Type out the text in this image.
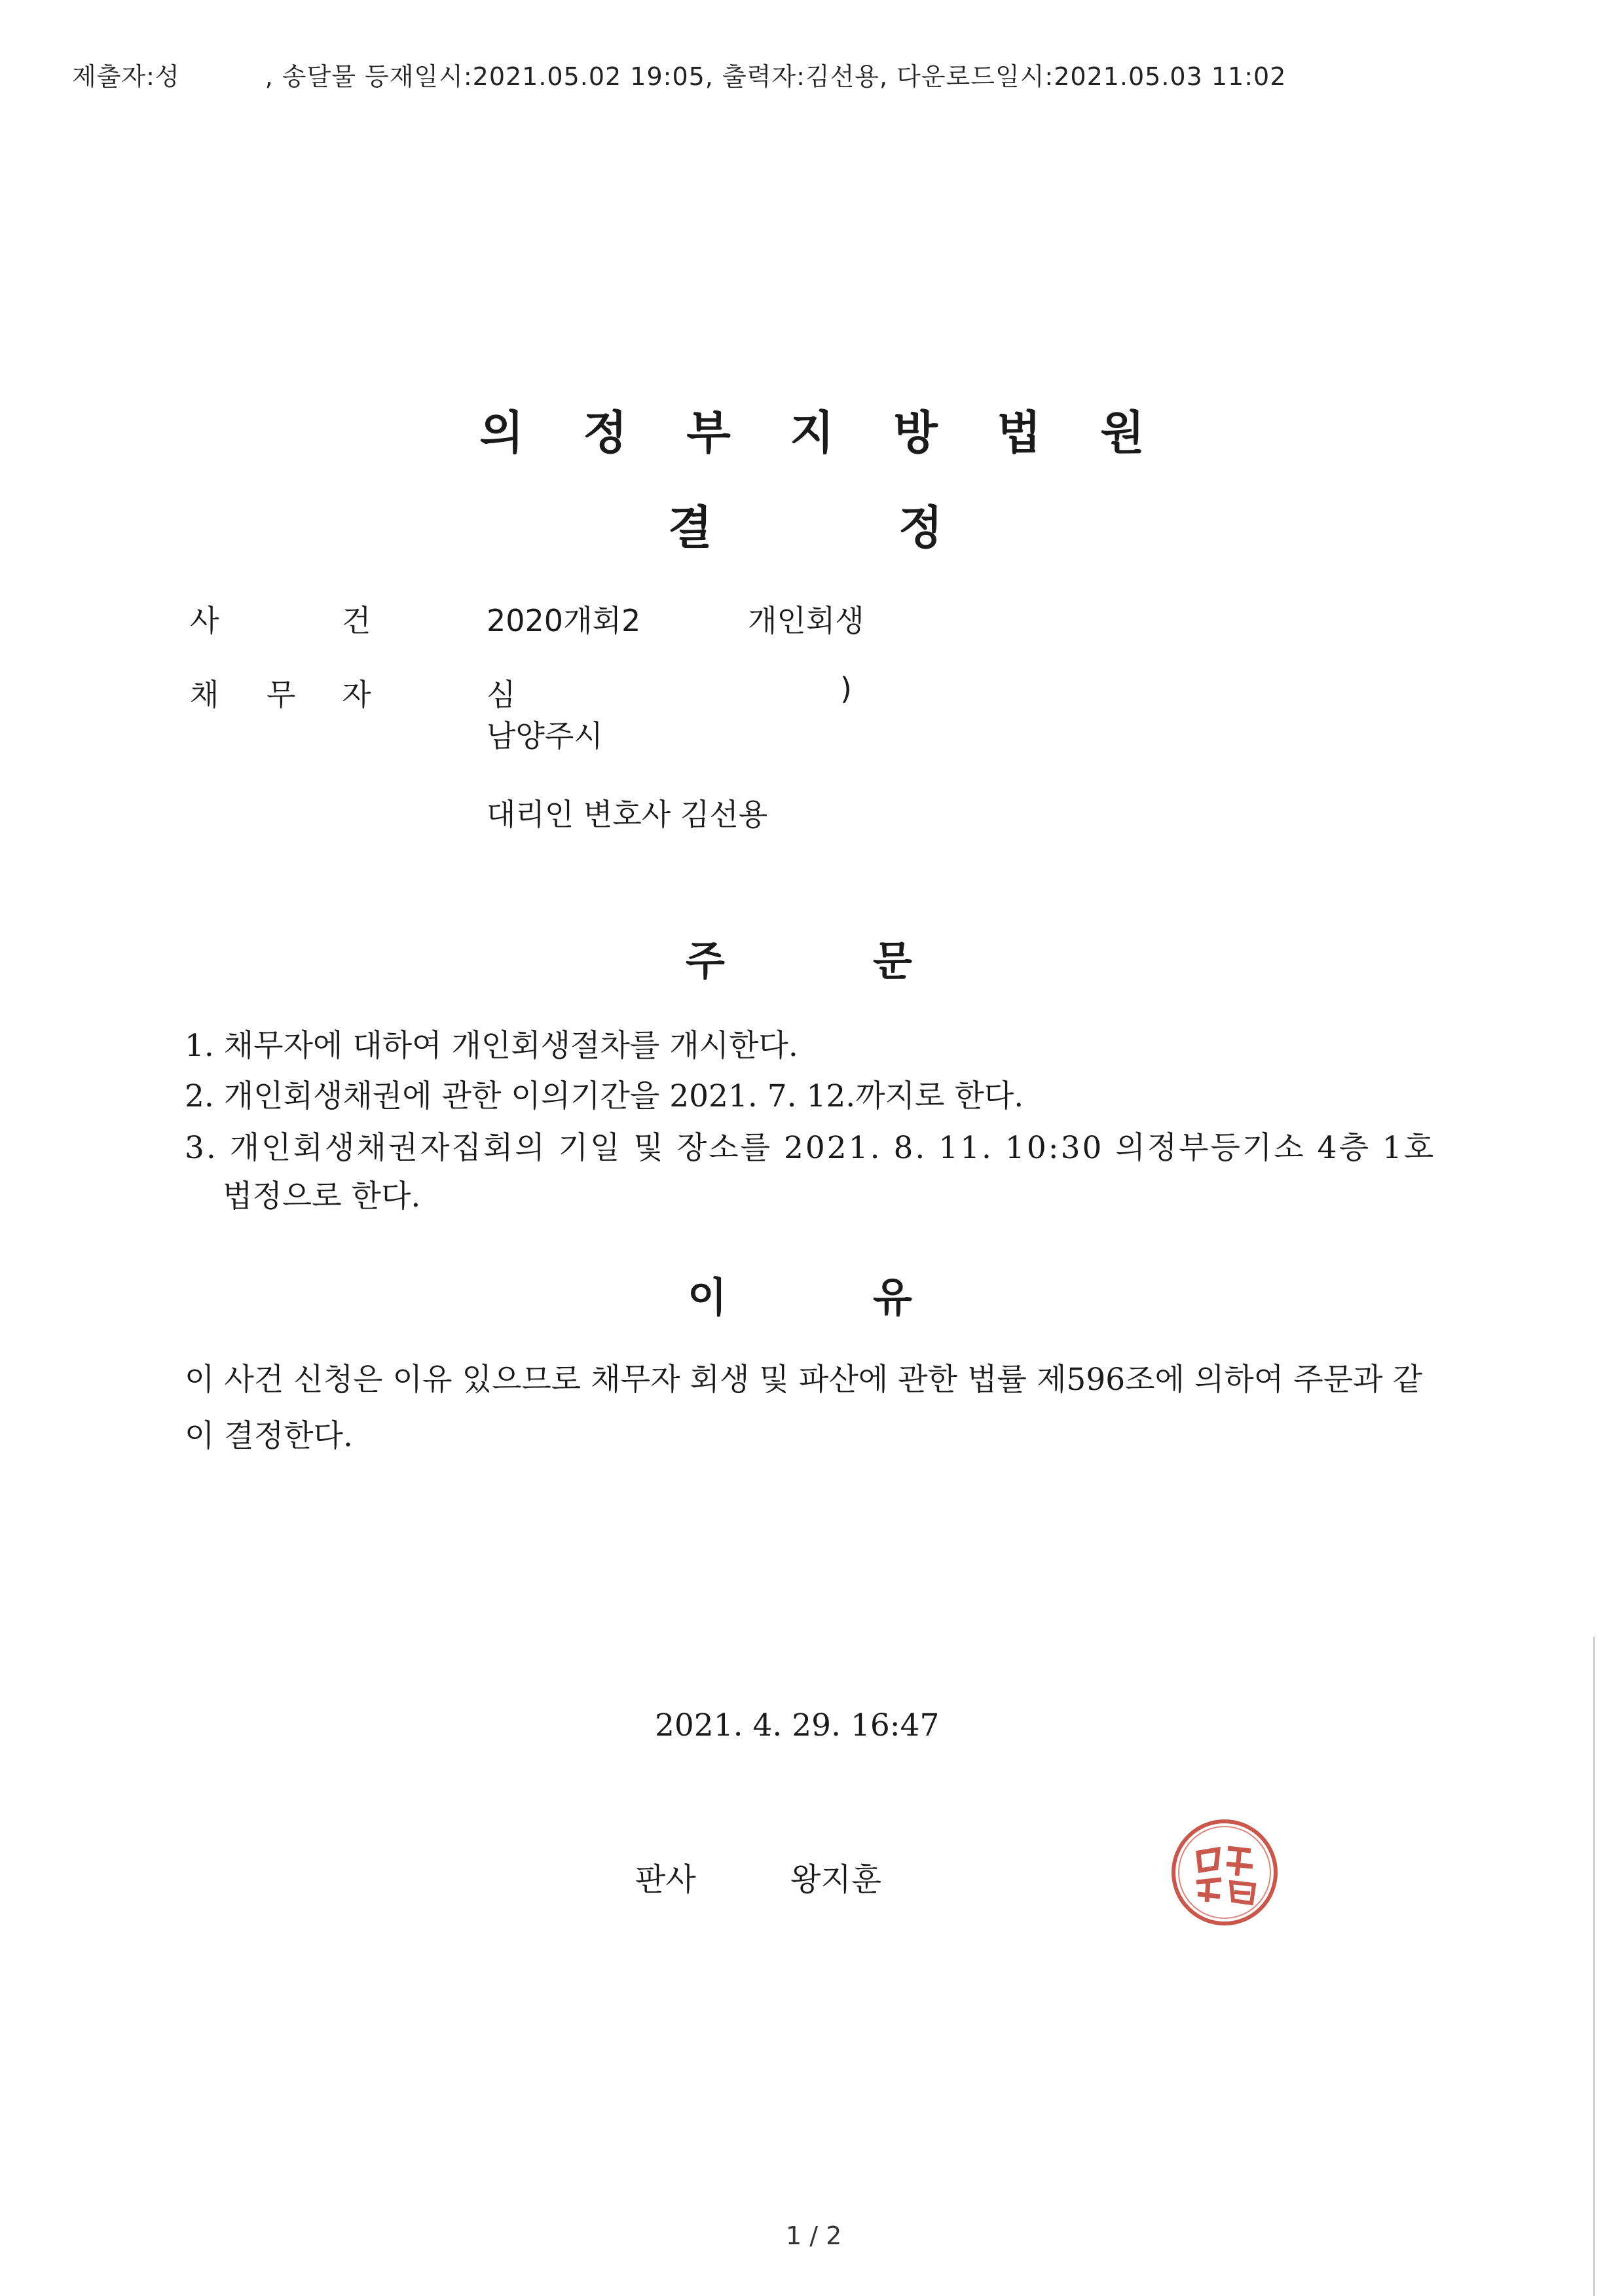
제출자:성	, 송달물 등재일시:2021.05.02 19:05, 출력자:김선용, 다운로드일시:2021.05.03 11:02
의 정 부 지 방 법 원
결	정
사	건	2020개회2	개인회생
채 무 자	심	)
남양주시
대리인 변호사 김선용
주	문
1. 채무자에 대하여 개인회생절차를 개시한다.
2. 개인회생채권에 관한 이의기간을 2021. 7. 12.까지로 한다.
3. 개인회생채권자집회의 기일 및 장소를 2021. 8. 11. 10:30 의정부등기소 4층 1호
법정으로 한다.
이	유
이 사건 신청은 이유 있으므로 채무자 회생 및 파산에 관한 법률 제596조에 의하여 주문과 같이 결정한다.
2021. 4. 29. 16:47
판사	왕지훈
1 / 2
